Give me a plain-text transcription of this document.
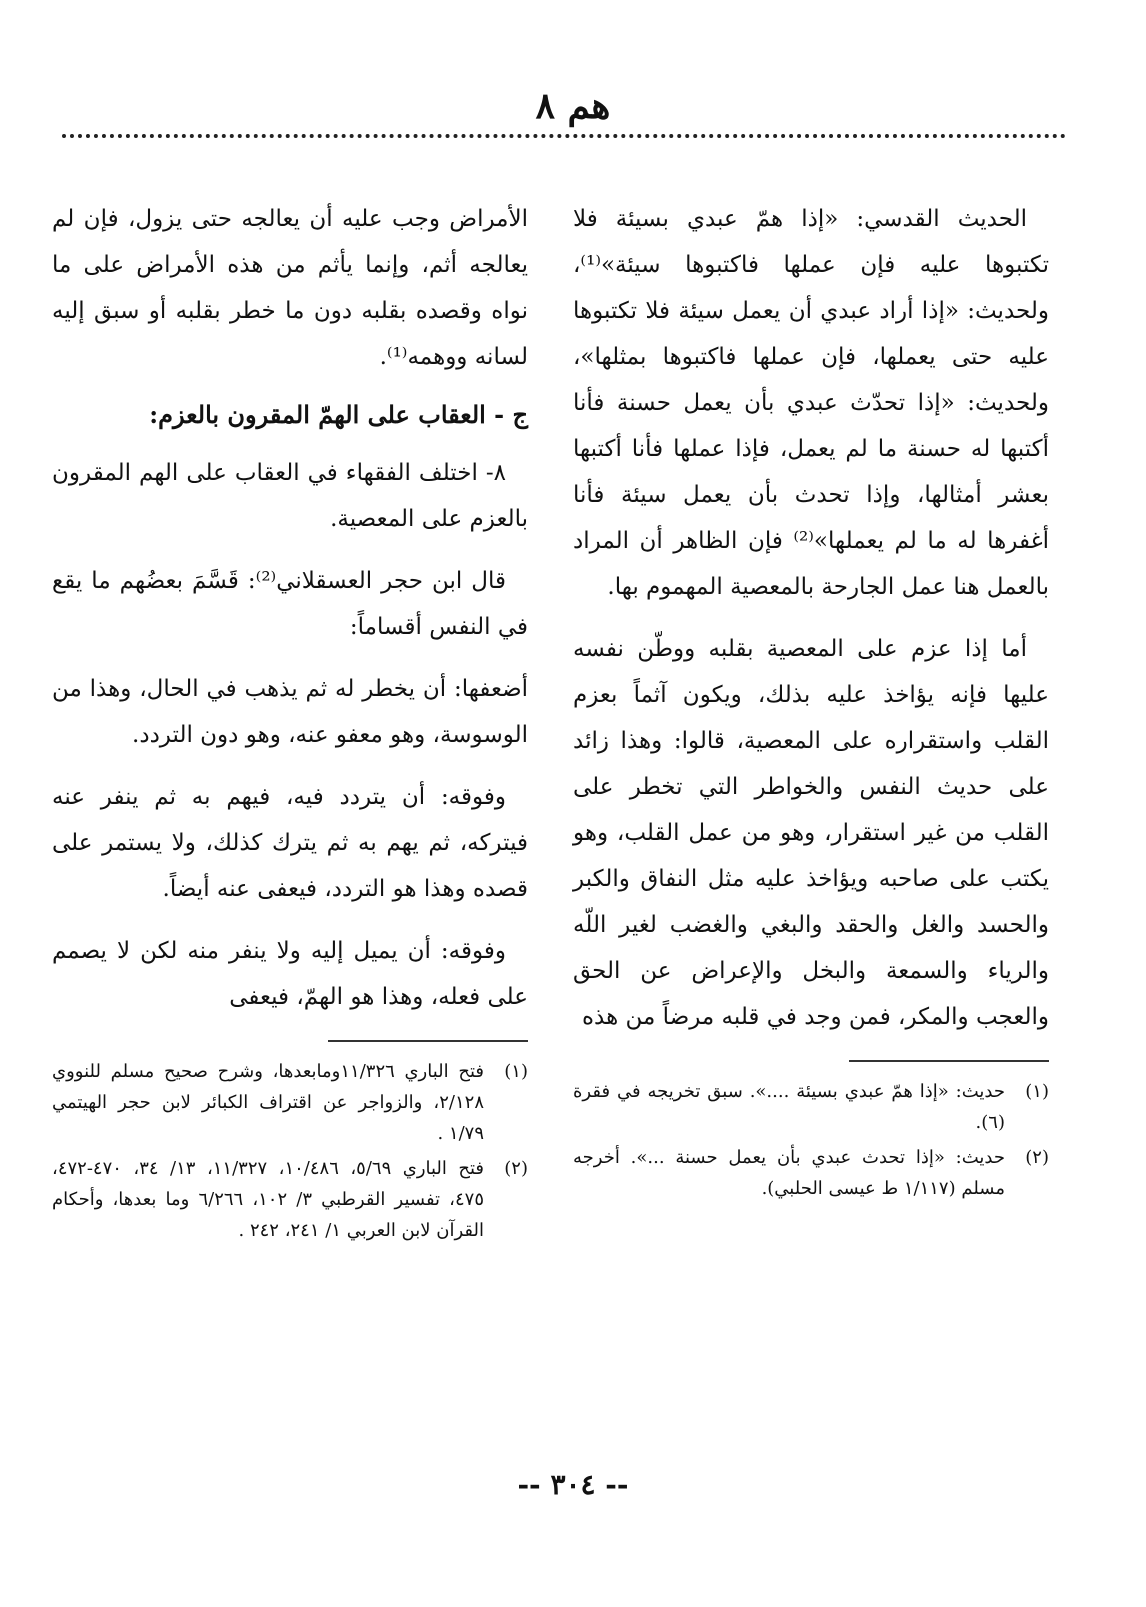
هم ٨

الحديث القدسي: «إذا همّ عبدي بسيئة فلا تكتبوها عليه فإن عملها فاكتبوها سيئة»⁽¹⁾، ولحديث: «إذا أراد عبدي أن يعمل سيئة فلا تكتبوها عليه حتى يعملها، فإن عملها فاكتبوها بمثلها»، ولحديث: «إذا تحدّث عبدي بأن يعمل حسنة فأنا أكتبها له حسنة ما لم يعمل، فإذا عملها فأنا أكتبها بعشر أمثالها، وإذا تحدث بأن يعمل سيئة فأنا أغفرها له ما لم يعملها»⁽²⁾ فإن الظاهر أن المراد بالعمل هنا عمل الجارحة بالمعصية المهموم بها.

أما إذا عزم على المعصية بقلبه ووطّن نفسه عليها فإنه يؤاخذ عليه بذلك، ويكون آثماً بعزم القلب واستقراره على المعصية، قالوا: وهذا زائد على حديث النفس والخواطر التي تخطر على القلب من غير استقرار، وهو من عمل القلب، وهو يكتب على صاحبه ويؤاخذ عليه مثل النفاق والكبر والحسد والغل والحقد والبغي والغضب لغير اللّه والرياء والسمعة والبخل والإعراض عن الحق والعجب والمكر، فمن وجد في قلبه مرضاً من هذه

(١)
حديث: «إذا همّ عبدي بسيئة ....». سبق تخريجه في فقرة (٦).
(٢)
حديث: «إذا تحدث عبدي بأن يعمل حسنة ...». أخرجه مسلم (١/١١٧ ط عيسى الحلبي).

الأمراض وجب عليه أن يعالجه حتى يزول، فإن لم يعالجه أثم، وإنما يأثم من هذه الأمراض على ما نواه وقصده بقلبه دون ما خطر بقلبه أو سبق إليه لسانه ووهمه⁽¹⁾.

ج - العقاب على الهمّ المقرون بالعزم:

٨- اختلف الفقهاء في العقاب على الهم المقرون بالعزم على المعصية.

قال ابن حجر العسقلاني⁽²⁾: قَسَّمَ بعضُهم ما يقع في النفس أقساماً:

أضعفها: أن يخطر له ثم يذهب في الحال، وهذا من الوسوسة، وهو معفو عنه، وهو دون التردد.

وفوقه: أن يتردد فيه، فيهم به ثم ينفر عنه فيتركه، ثم يهم به ثم يترك كذلك، ولا يستمر على قصده وهذا هو التردد، فيعفى عنه أيضاً.

وفوقه: أن يميل إليه ولا ينفر منه لكن لا يصمم على فعله، وهذا هو الهمّ، فيعفى

(١)
فتح الباري ١١/٣٢٦ومابعدها، وشرح صحيح مسلم للنووي ٢/١٢٨، والزواجر عن اقتراف الكبائر لابن حجر الهيتمي ١/٧٩ .
(٢)
فتح الباري ٥/٦٩، ١٠/٤٨٦، ١١/٣٢٧، ١٣/ ٣٤، ٤٧٠-٤٧٢، ٤٧٥، تفسير القرطبي ٣/ ١٠٢، ٦/٢٦٦ وما بعدها، وأحكام القرآن لابن العربي ١/ ٢٤١، ٢٤٢ .
-- ٣٠٤ --
